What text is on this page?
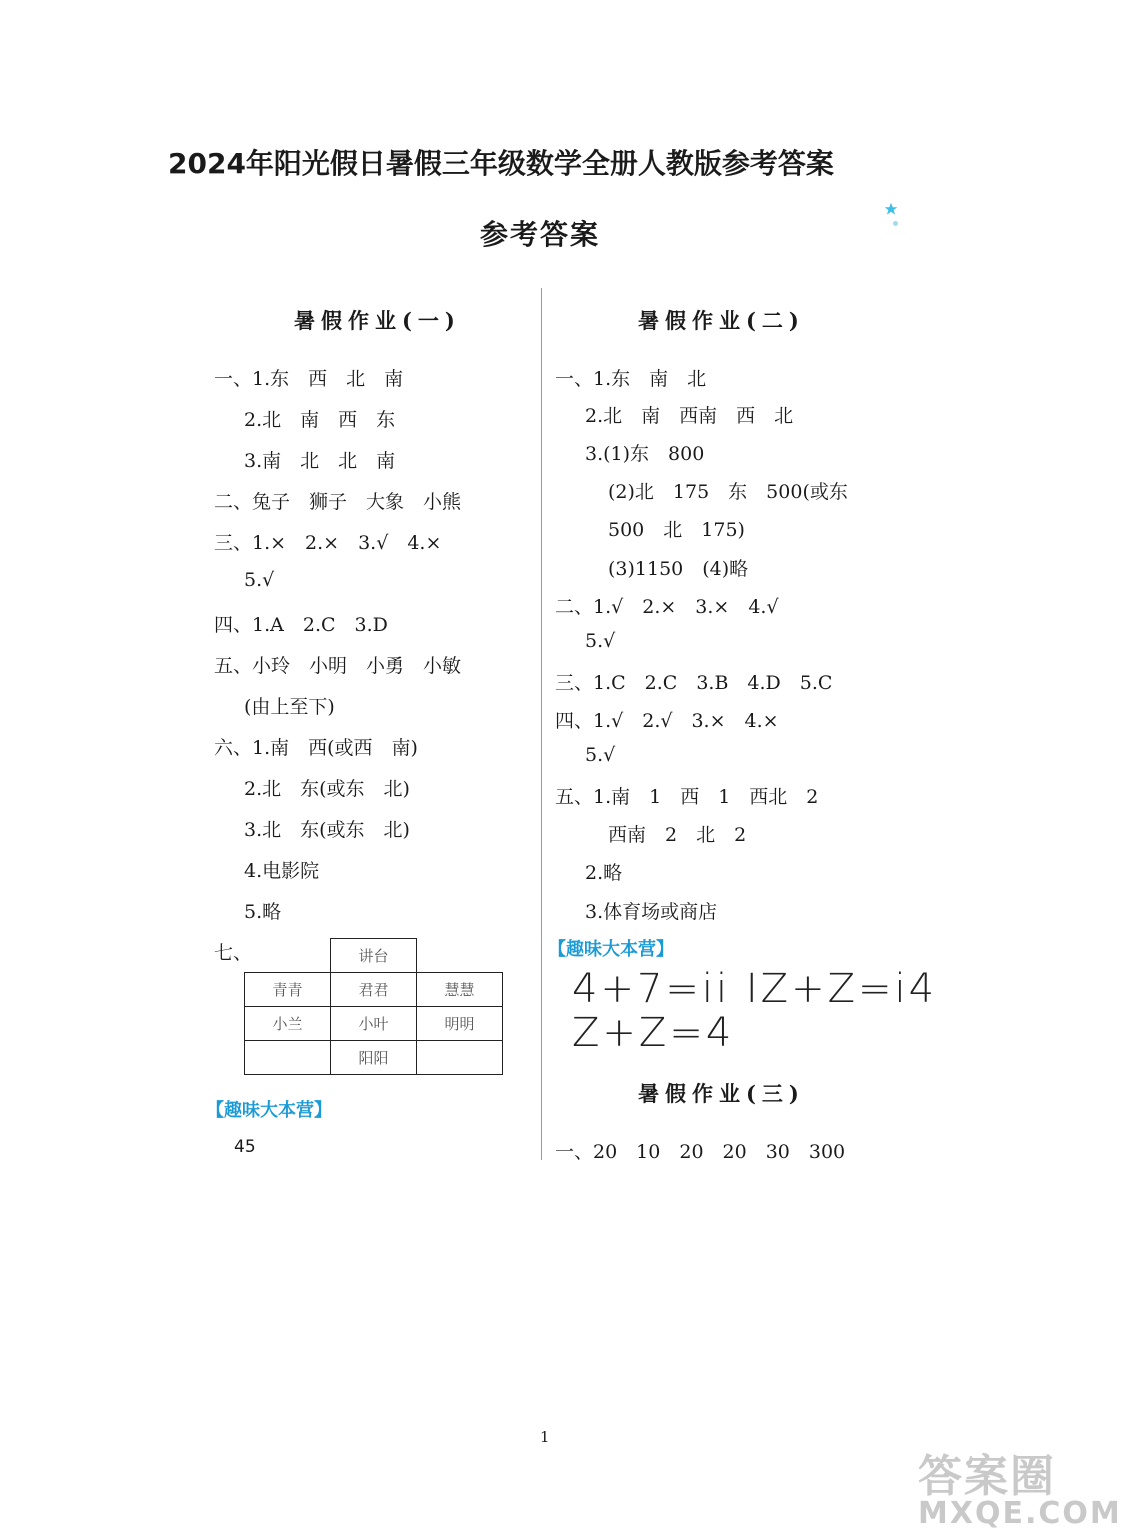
2024年阳光假日暑假三年级数学全册人教版参考答案
参考答案
暑假作业(一)
一、1.东　西　北　南
2.北　南　西　东
3.南　北　北　南
二、兔子　狮子　大象　小熊
三、1.×　2.×　3.√　4.×
5.√
四、1.A　2.C　3.D
五、小玲　小明　小勇　小敏
(由上至下)
六、1.南　西(或西　南)
2.北　东(或东　北)
3.北　东(或东　北)
4.电影院
5.略
七、
		讲台	
青青	君君	慧慧
小兰	小叶	明明
	阳阳	
【趣味大本营】
45
暑假作业(二)
一、1.东　南　北
2.北　南　西南　西　北
3.(1)东　800
(2)北　175　东　500(或东
500　北　175)
(3)1150　(4)略
二、1.√　2.×　3.×　4.√
5.√
三、1.C　2.C　3.B　4.D　5.C
四、1.√　2.√　3.×　4.×
5.√
五、1.南　1　西　1　西北　2
西南　2　北　2
2.略
3.体育场或商店
【趣味大本营】
4+7=ii IZ+Z=i4
Z+Z=4
暑假作业(三)
一、20　10　20　20　30　300
1
答案圈
MXQE.COM
